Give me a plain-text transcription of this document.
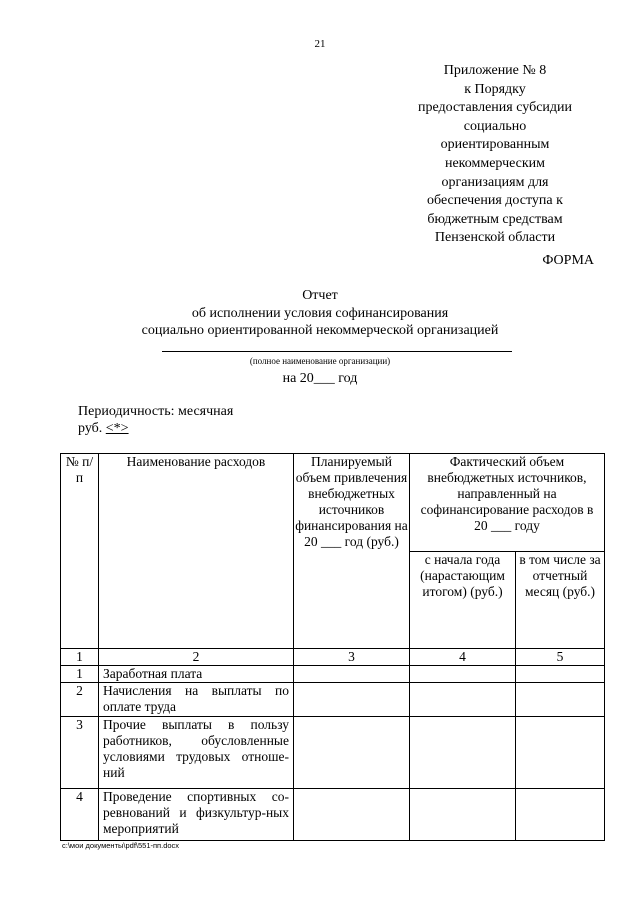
21
Приложение № 8
к Порядку
предоставления субсидии
социально
ориентированным
некоммерческим
организациям для
обеспечения доступа к
бюджетным средствам
Пензенской области
ФОРМА
Отчет
об исполнении условия софинансирования
социально ориентированной некоммерческой организацией
(полное наименование организации)
на 20___ год
Периодичность: месячная
руб. <*>
№ п/п	Наименование расходов	Планируемый объем привлечения внебюджетных источников финансирования на 20 ___ год (руб.)	Фактический объем внебюджетных источников, направленный на софинансирование расходов в 20 ___ году	
			с начала года (нарастающим итогом) (руб.)	в том числе за отчетный месяц (руб.)
1	2	3	4	5
1	Заработная плата			
2	Начисления на выплаты по оплате труда			
3	Прочие выплаты в пользу работников, обусловленные условиями трудовых отноше-ний			
4	Проведение спортивных со-ревнований и физкультур-ных мероприятий			
c:\мои документы\pdf\551-пп.docx
